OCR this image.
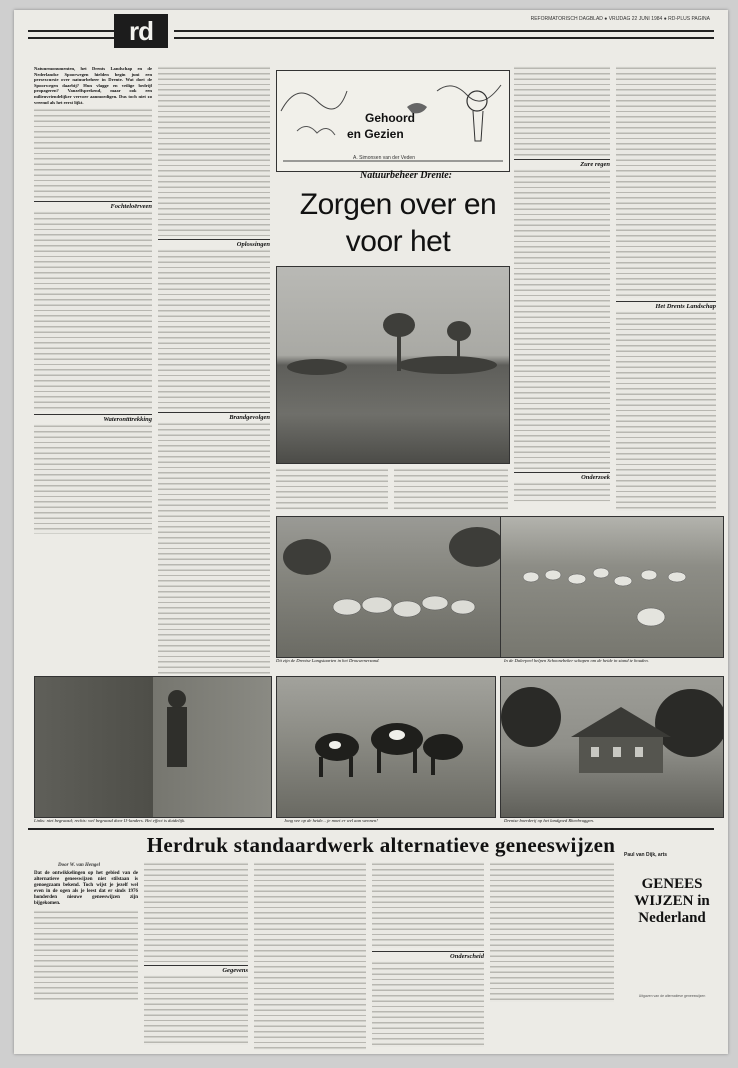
rd	REFORMATORISCH DAGBLAD ● VRIJDAG 22 JUNI 1984 ● RD-PLUS PAGINA
Natuurmonumenten, het Drents Landschap en de Nederlandse Spoorwegen hielden begin juni een persexcursie over natuurbeheer in Drente. Wat doet de Spoorwegen daarbij? Hun vlagge en veilige bedrijf propageren? Vanzelfsprekend, maar ook een milieuvriendelijker vervoer aanmoedigen. Dus toch niet zo vreemd als het eerst lijkt.
Fochteloërveen
Waterontttrekking
Oplossingen
Brandgevolgen
Gehoord
en Gezien
A. Simonsen van der Veden
Natuurbeheer Drente:
Zorgen over en voor het
Zure regen
Onderzoek
Het Drents Landschap
Dit zijn de Drentse Langstaarten in het Drouwenerzand.	In de Dalerpeel helpen Schoonebeker schapen om de heide in stand te houden.
Links: niet begraasd; rechts: wel begraasd door IJ-landers. Het effect is duidelijk.	Jong vee op de heide... je moet er wel aan wennen!	Drentse boerderij op het landgoed Rheebruggen.
Herdruk standaardwerk alternatieve geneeswijzen
Door W. van Hengel
Dat de ontwikkelingen op het gebied van de alternatieve geneeswijzen niet stilstaan is genoegzaam bekend. Toch wijst je jezelf wel even in de ogen als je leest dat er sinds 1976 honderden nieuwe geneeswijzen zijn bijgekomen.
Gegevens
Onderscheid
Paul van Dijk, arts
GENEES WIJZEN in Nederland
Uitgaven van de alternatieve geneeswijzen
